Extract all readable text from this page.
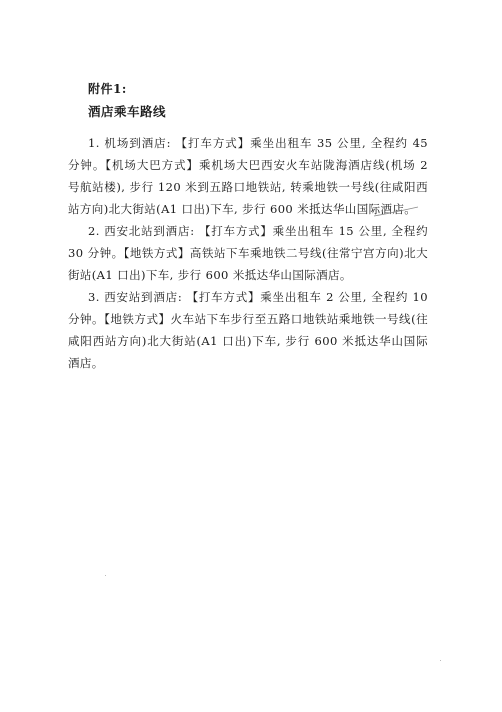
附件1:
酒店乘车路线

1. 机场到酒店: 【打车方式】乘坐出租车 35 公里, 全程约 45 分钟。【机场大巴方式】乘机场大巴西安火车站陇海酒店线(机场 2 号航站楼), 步行 120 米到五路口地铁站, 转乘地铁一号线(往咸阳西站方向)北大街站(A1 口出)下车, 步行 600 米抵达华山国际酒店。

2. 西安北站到酒店: 【打车方式】乘坐出租车 15 公里, 全程约 30 分钟。【地铁方式】高铁站下车乘地铁二号线(往常宁宫方向)北大街站(A1 口出)下车, 步行 600 米抵达华山国际酒店。

3. 西安站到酒店: 【打车方式】乘坐出租车 2 公里, 全程约 10 分钟。【地铁方式】火车站下车步行至五路口地铁站乘地铁一号线(往咸阳西站方向)北大街站(A1 口出)下车, 步行 600 米抵达华山国际酒店。
